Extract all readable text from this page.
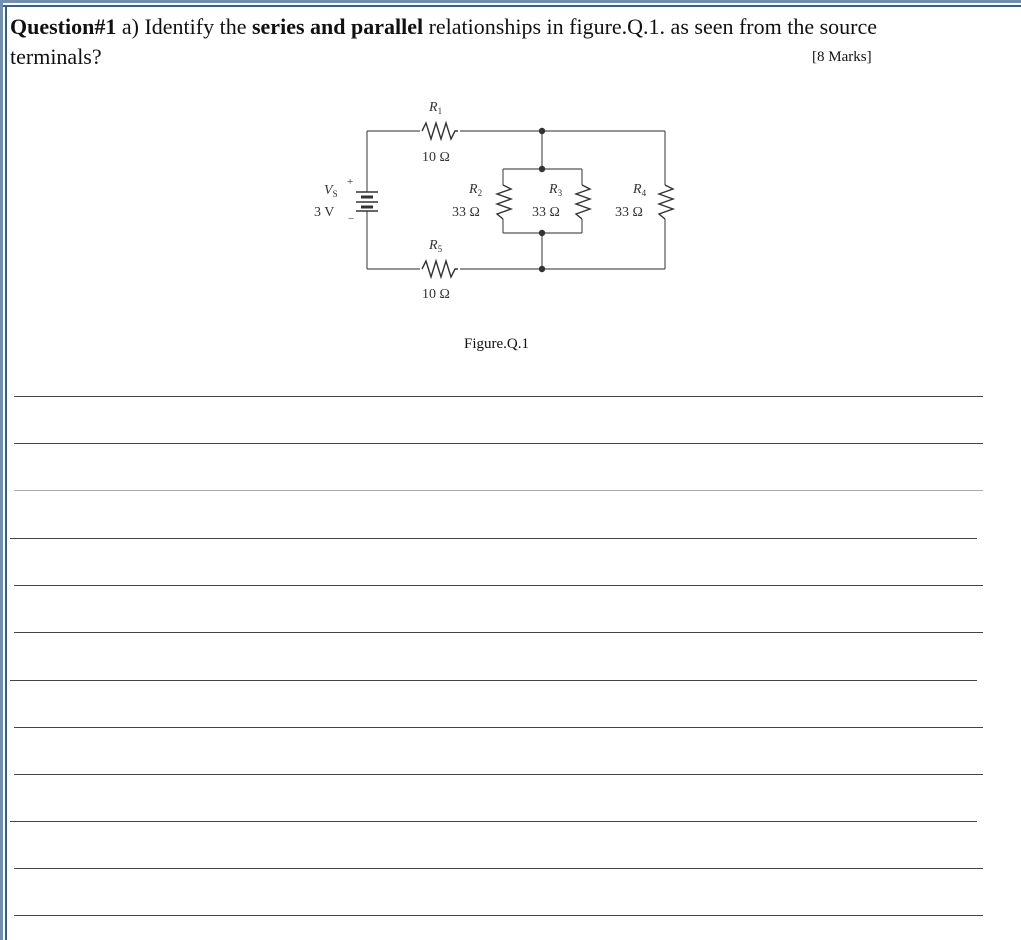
Question#1 a) Identify the series and parallel relationships in figure.Q.1. as seen from the source terminals?	[8 Marks]
$R_1$
10 Ω
$R_2$
33 Ω
$R_3$
33 Ω
$R_4$
33 Ω
$R_5$
10 Ω
$V_S$
3 V
+
−
Figure.Q.1
